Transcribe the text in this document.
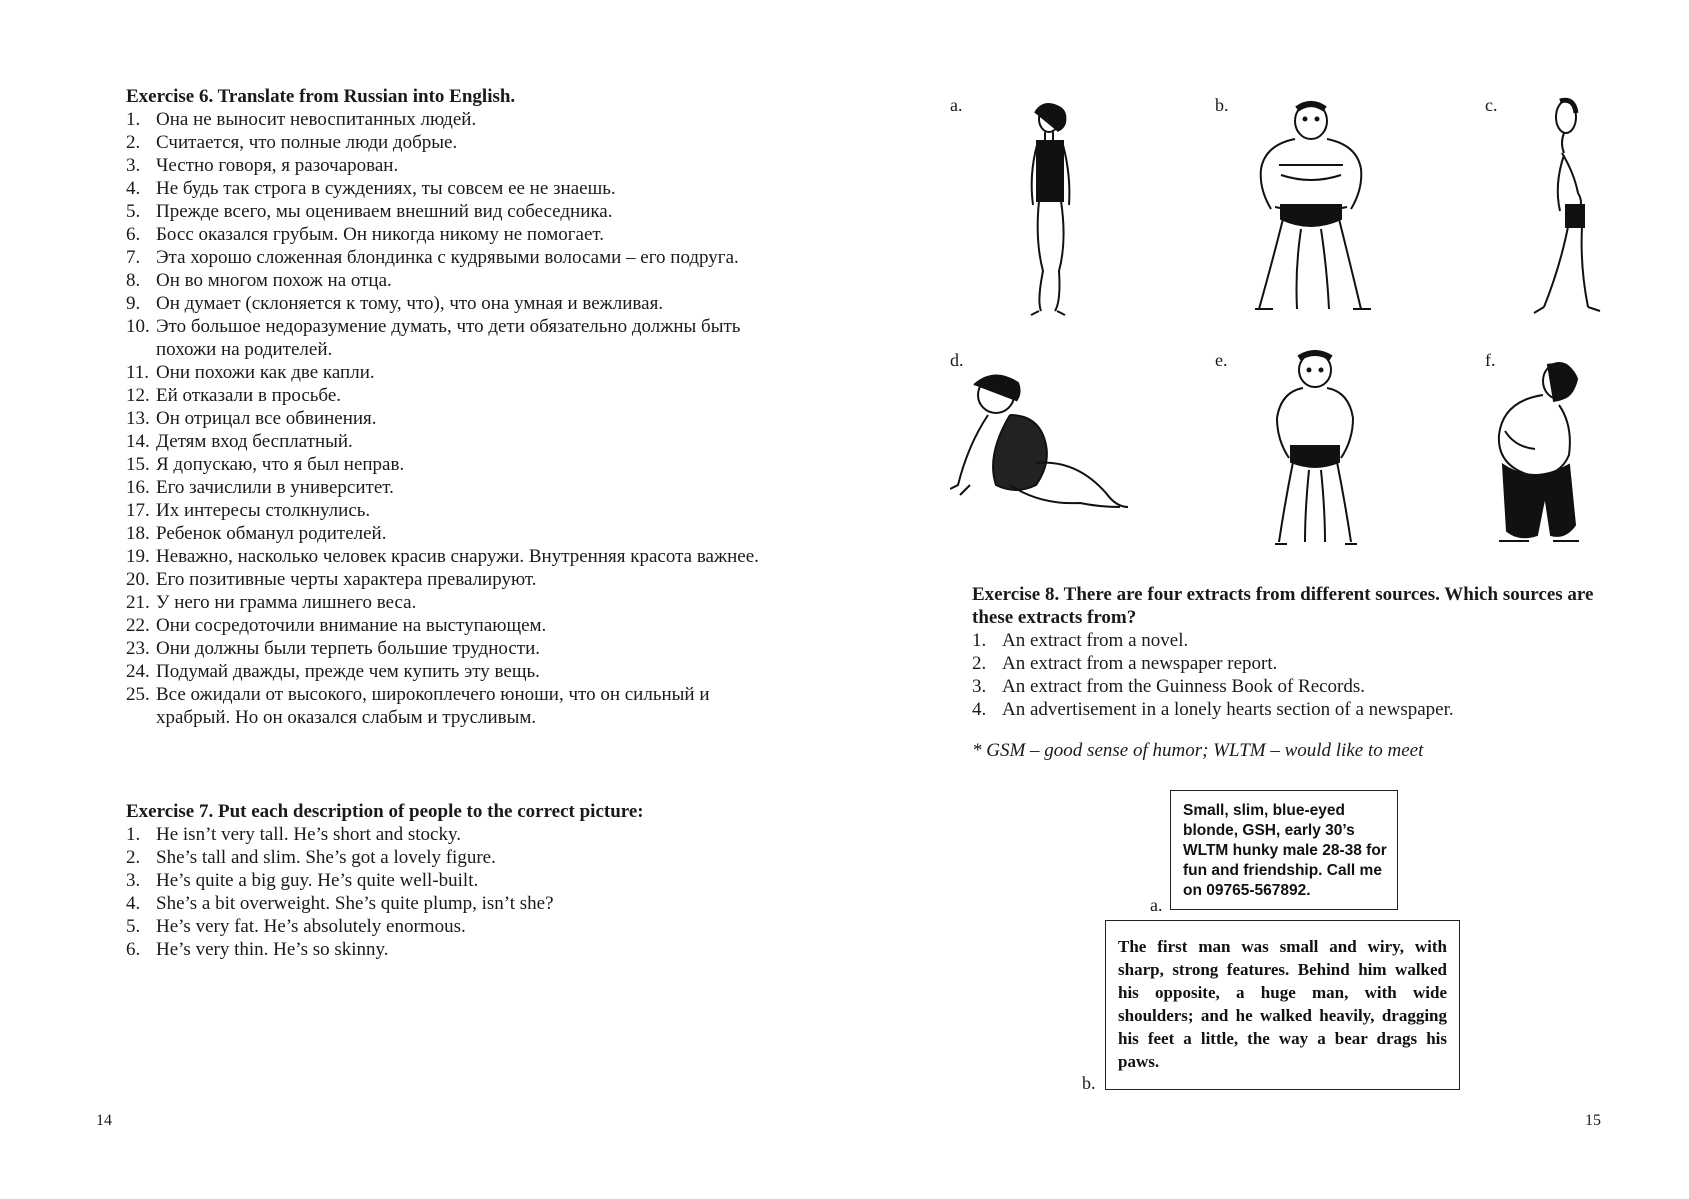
Exercise 6. Translate from Russian into English.

1. Она не выносит невоспитанных людей.
2. Считается, что полные люди добрые.
3. Честно говоря, я разочарован.
4. Не будь так строга в суждениях, ты совсем ее не знаешь.
5. Прежде всего, мы оцениваем внешний вид собеседника.
6. Босс оказался грубым. Он никогда никому не помогает.
7. Эта хорошо сложенная блондинка с кудрявыми волосами – его подруга.
8. Он во многом похож на отца.
9. Он думает (склоняется к тому, что), что она умная и вежливая.
10. Это большое недоразумение думать, что дети обязательно должны быть похожи на родителей.
11. Они похожи как две капли.
12. Ей отказали в просьбе.
13. Он отрицал все обвинения.
14. Детям вход бесплатный.
15. Я допускаю, что я был неправ.
16. Его зачислили в университет.
17. Их интересы столкнулись.
18. Ребенок обманул родителей.
19. Неважно, насколько человек красив снаружи. Внутренняя красота важнее.
20. Его позитивные черты характера превалируют.
21. У него ни грамма лишнего веса.
22. Они сосредоточили внимание на выступающем.
23. Они должны были терпеть большие трудности.
24. Подумай дважды, прежде чем купить эту вещь.
25. Все ожидали от высокого, широкоплечего юноши, что он сильный и храбрый. Но он оказался слабым и трусливым.

Exercise 7. Put each description of people to the correct picture:

1. He isn’t very tall. He’s short and stocky.
2. She’s tall and slim. She’s got a lovely figure.
3. He’s quite a big guy. He’s quite well-built.
4. She’s a bit overweight. She’s quite plump, isn’t she?
5. He’s very fat. He’s absolutely enormous.
6. He’s very thin. He’s so skinny.
14
a.	b.	c.
d.	e.	f.

Exercise 8. There are four extracts from different sources. Which sources are these extracts from?

1. An extract from a novel.
2. An extract from a newspaper report.
3. An extract from the Guinness Book of Records.
4. An advertisement in a lonely hearts section of a newspaper.
* GSM – good sense of humor; WLTM – would like to meet
a.
Small, slim, blue-eyed blonde, GSH, early 30’s WLTM hunky male 28-38 for fun and friendship. Call me on 09765-567892.
b.
The first man was small and wiry, with sharp, strong features. Behind him walked his opposite, a huge man, with wide shoulders; and he walked heavily, dragging his feet a little, the way a bear drags his paws.
15
